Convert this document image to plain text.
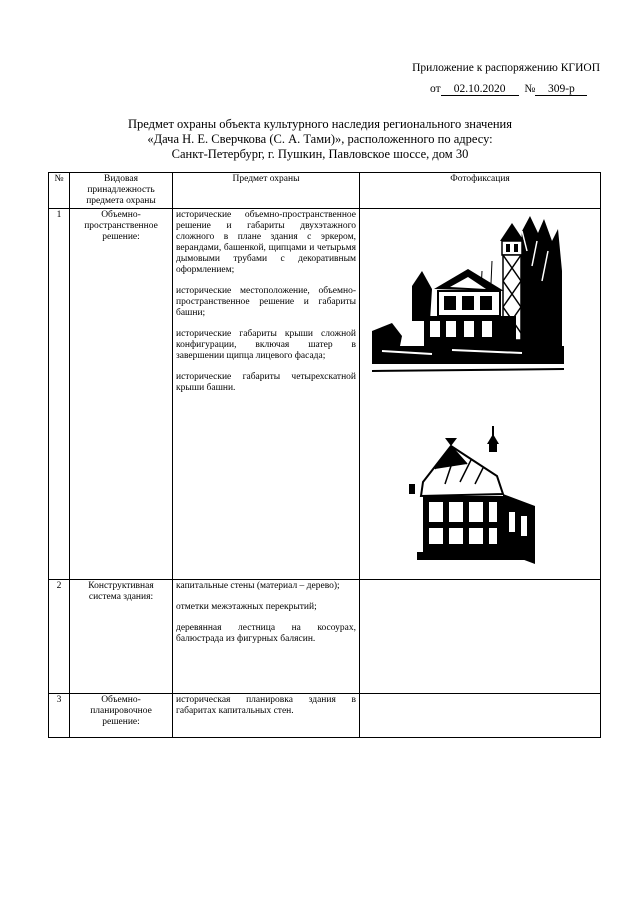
Приложение к распоряжению КГИОП
от 02.10.2020 № 309-р
Предмет охраны объекта культурного наследия регионального значения
«Дача Н. Е. Сверчкова (С. А. Тами)», расположенного по адресу:
Санкт-Петербург, г. Пушкин, Павловское шоссе, дом 30
№	Видовая принадлежность предмета охраны	Предмет охраны	Фотофиксация
1	Объемно-пространственное решение:	исторические объемно-пространственное решение и габариты двухэтажного сложного в плане здания с эркером, верандами, башенкой, щипцами и четырьмя дымовыми трубами с декоративным оформлением;

исторические местоположение, объемно-пространственное решение и габариты башни;

исторические габариты крыши сложной конфигурации, включая шатер в завершении щипца лицевого фасада;

исторические габариты четырехскатной крыши башни.

2	Конструктивная система здания:	капитальные стены (материал – дерево);

отметки межэтажных перекрытий;

деревянная лестница на косоурах, балюстрада из фигурных балясин.	

3	Объемно-планировочное решение:	историческая планировка здания в габаритах капитальных стен.	
